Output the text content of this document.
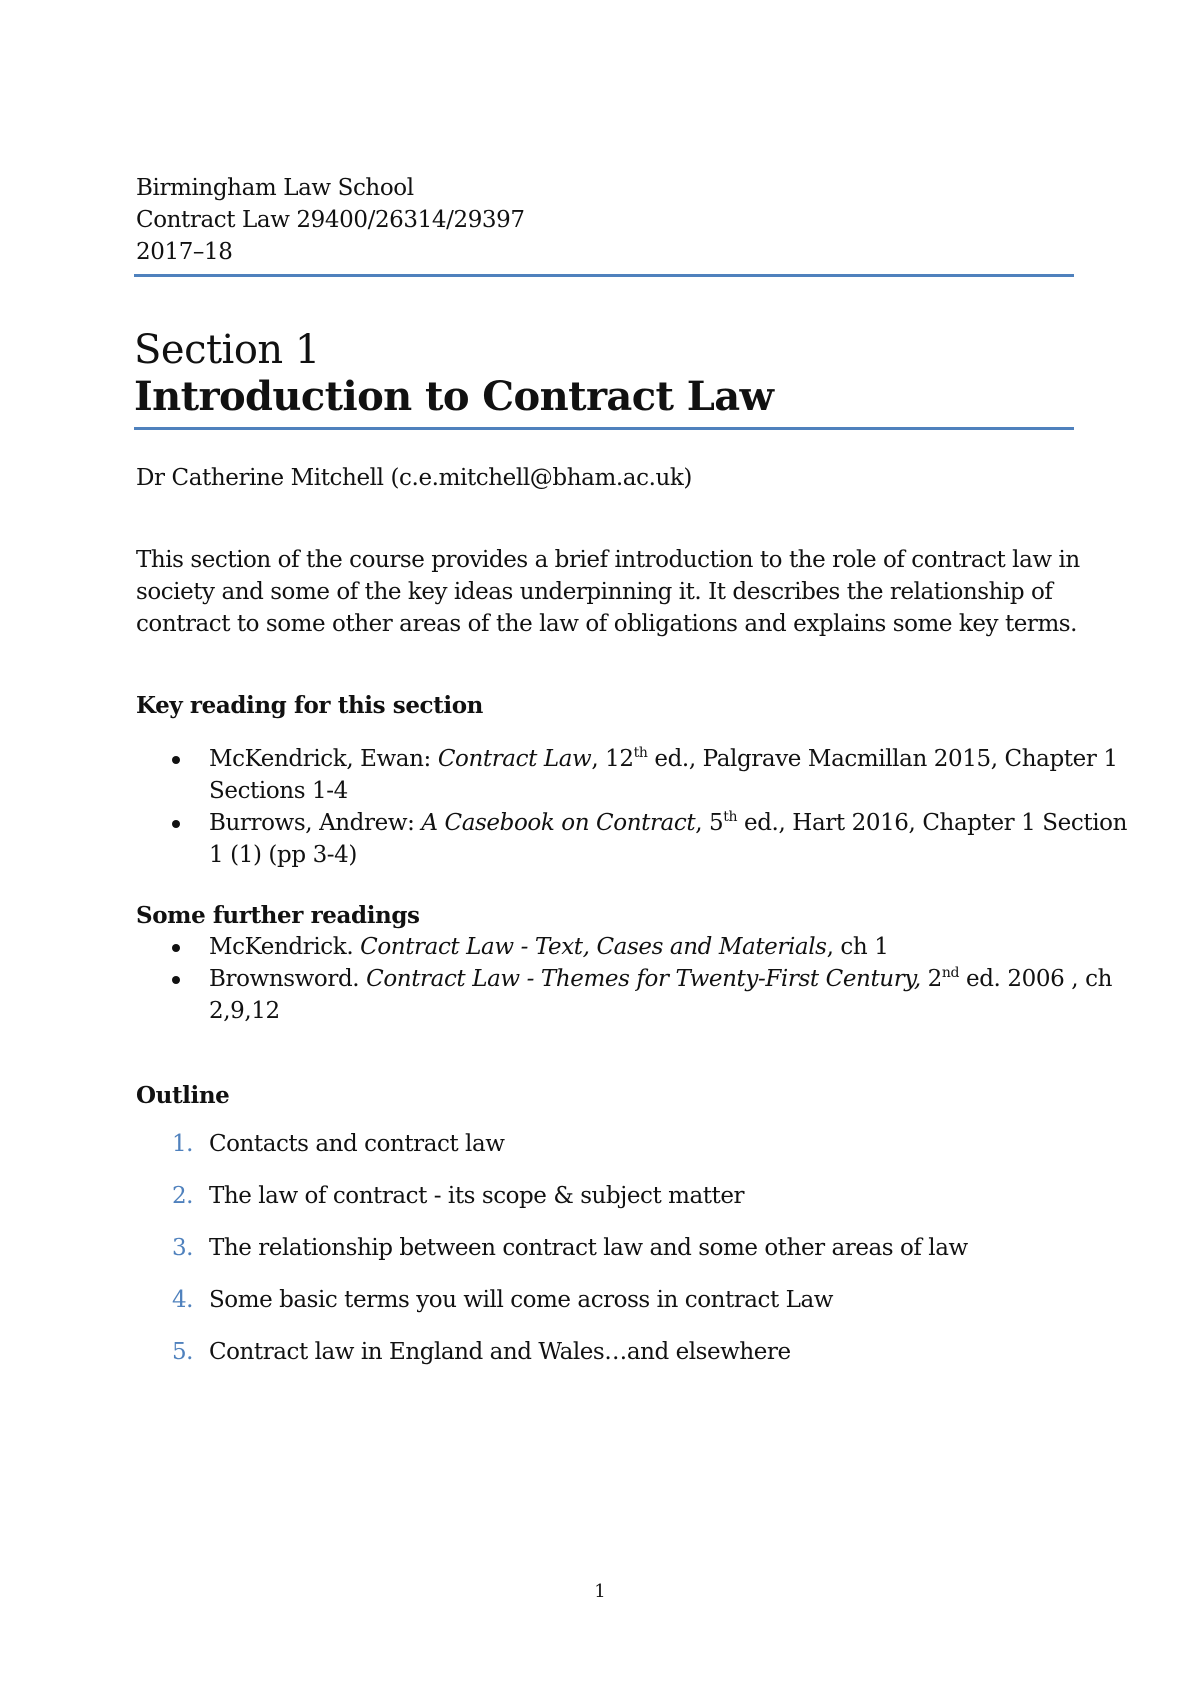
Birmingham Law School
Contract Law 29400/26314/29397
2017–18
Section 1
Introduction to Contract Law
Dr Catherine Mitchell (c.e.mitchell@bham.ac.uk)
This section of the course provides a brief introduction to the role of contract law in
society and some of the key ideas underpinning it. It describes the relationship of
contract to some other areas of the law of obligations and explains some key terms.
Key reading for this section
McKendrick, Ewan: Contract Law, 12th ed., Palgrave Macmillan 2015, Chapter 1
Sections 1-4
Burrows, Andrew: A Casebook on Contract, 5th ed., Hart 2016, Chapter 1 Section
1 (1) (pp 3-4)
Some further readings
McKendrick. Contract Law - Text, Cases and Materials, ch 1
Brownsword. Contract Law - Themes for Twenty-First Century, 2nd ed. 2006 , ch
2,9,12
Outline
1. Contacts and contract law
2. The law of contract - its scope & subject matter
3. The relationship between contract law and some other areas of law
4. Some basic terms you will come across in contract Law
5. Contract law in England and Wales…and elsewhere
1
